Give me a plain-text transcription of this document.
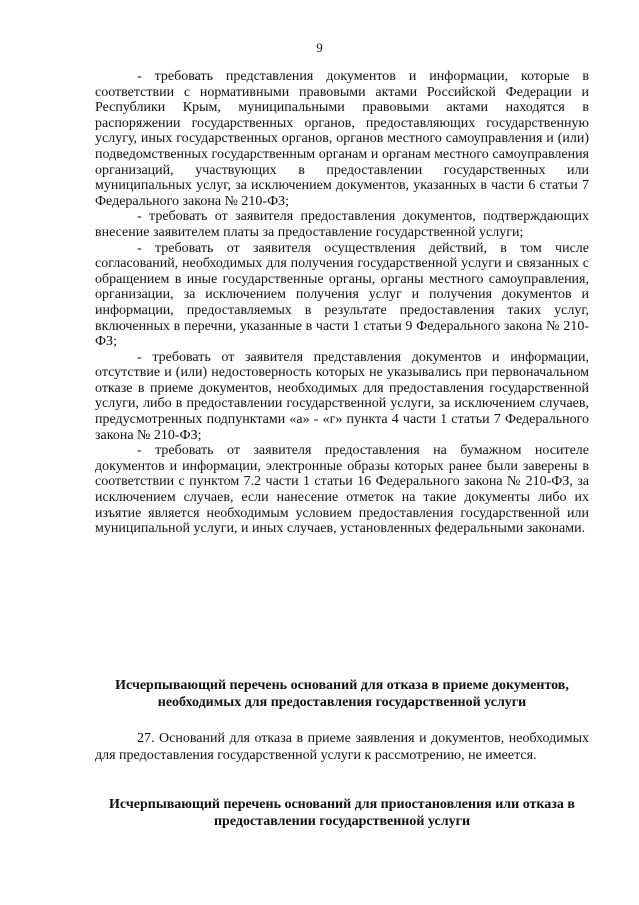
9

- требовать представления документов и информации, которые в соответствии с нормативными правовыми актами Российской Федерации и Республики Крым, муниципальными правовыми актами находятся в распоряжении государственных органов, предоставляющих государственную услугу, иных государственных органов, органов местного самоуправления и (или) подведомственных государственным органам и органам местного самоуправления организаций, участвующих в предоставлении государственных или муниципальных услуг, за исключением документов, указанных в части 6 статьи 7 Федерального закона № 210-ФЗ;

- требовать от заявителя предоставления документов, подтверждающих внесение заявителем платы за предоставление государственной услуги;

- требовать от заявителя осуществления действий, в том числе согласований, необходимых для получения государственной услуги и связанных с обращением в иные государственные органы, органы местного самоуправления, организации, за исключением получения услуг и получения документов и информации, предоставляемых в результате предоставления таких услуг, включенных в перечни, указанные в части 1 статьи 9 Федерального закона № 210-ФЗ;

- требовать от заявителя представления документов и информации, отсутствие и (или) недостоверность которых не указывались при первоначальном отказе в приеме документов, необходимых для предоставления государственной услуги, либо в предоставлении государственной услуги, за исключением случаев, предусмотренных подпунктами «а» - «г» пункта 4 части 1 статьи 7 Федерального закона № 210-ФЗ;

- требовать от заявителя предоставления на бумажном носителе документов и информации, электронные образы которых ранее были заверены в соответствии с пунктом 7.2 части 1 статьи 16 Федерального закона № 210-ФЗ, за исключением случаев, если нанесение отметок на такие документы либо их изъятие является необходимым условием предоставления государственной или муниципальной услуги, и иных случаев, установленных федеральными законами.

Исчерпывающий перечень оснований для отказа в приеме документов, необходимых для предоставления государственной услуги

27. Оснований для отказа в приеме заявления и документов, необходимых для предоставления государственной услуги к рассмотрению, не имеется.

Исчерпывающий перечень оснований для приостановления или отказа в предоставлении государственной услуги
